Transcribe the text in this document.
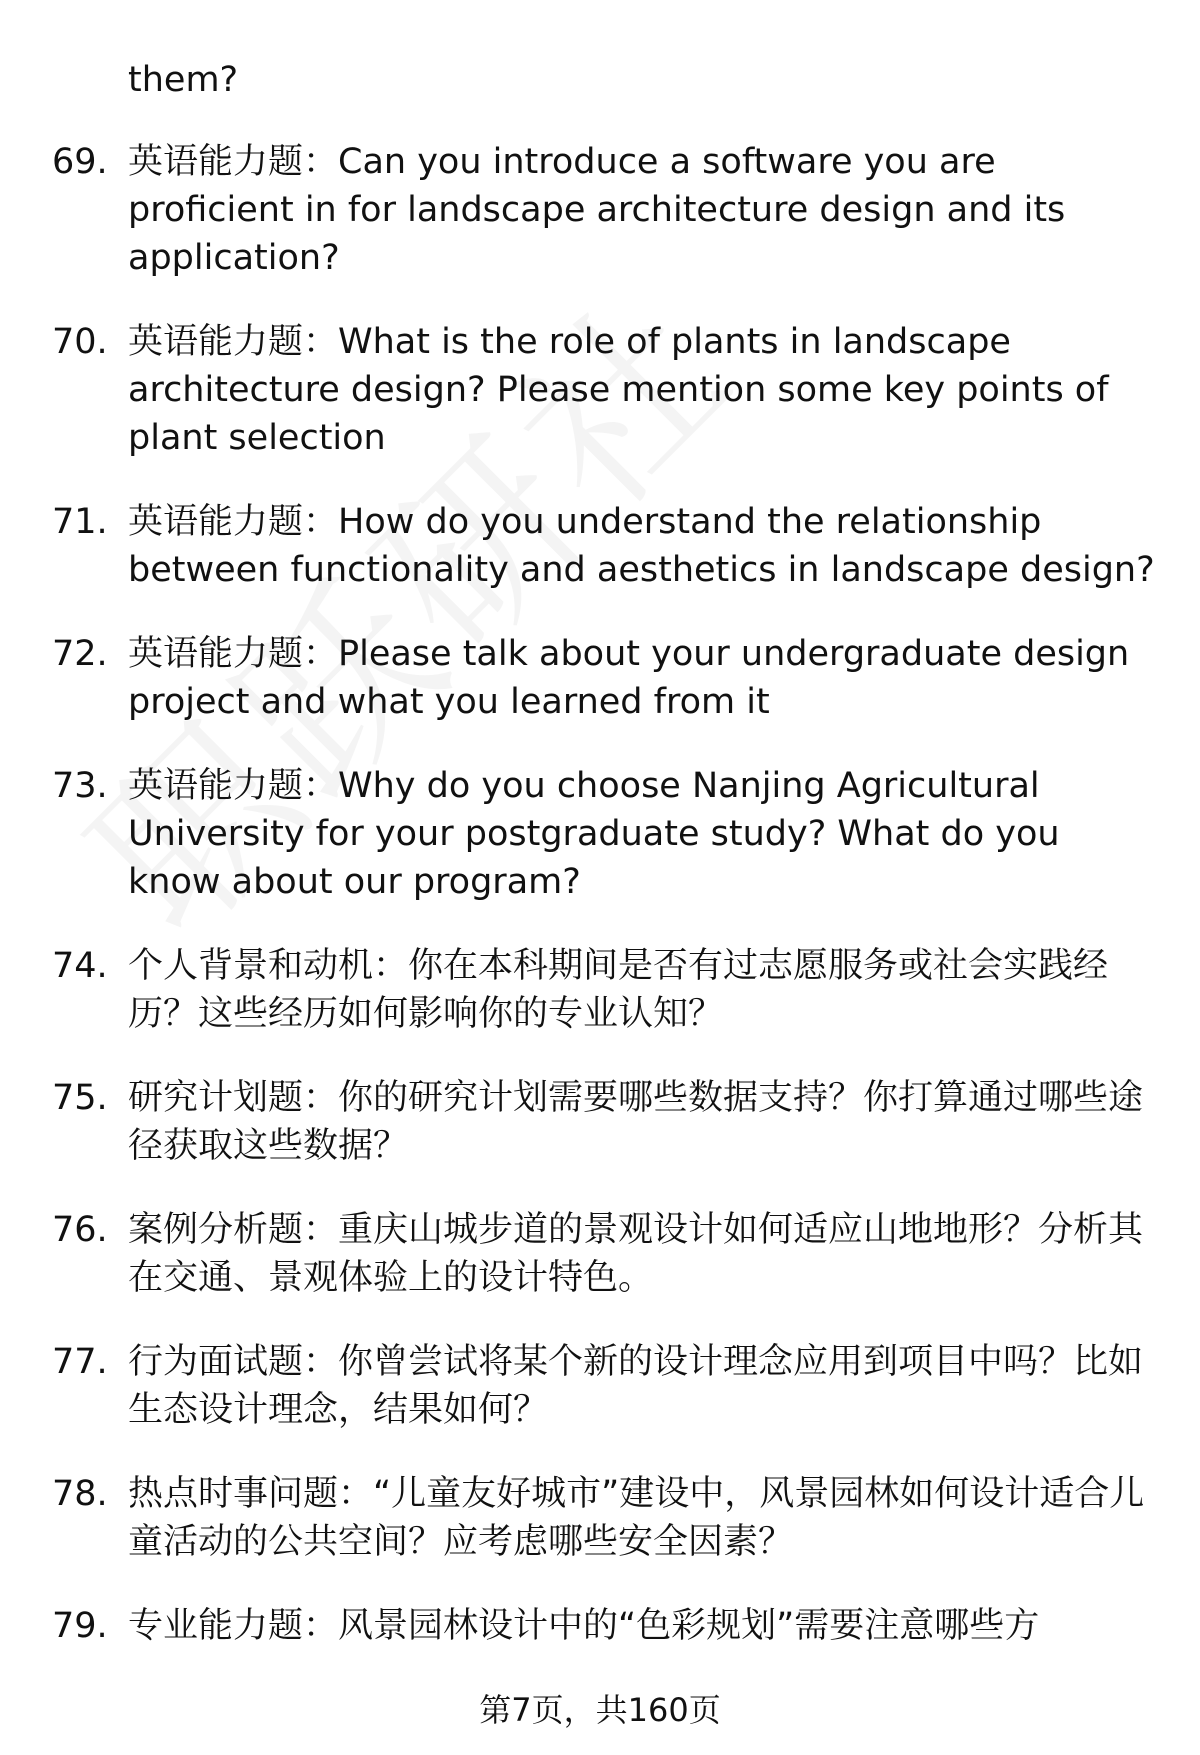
them?

69. 英语能力题：Can you introduce a software you are proficient in for landscape architecture design and its application?
70. 英语能力题：What is the role of plants in landscape architecture design? Please mention some key points of plant selection
71. 英语能力题：How do you understand the relationship between functionality and aesthetics in landscape design?
72. 英语能力题：Please talk about your undergraduate design project and what you learned from it
73. 英语能力题：Why do you choose Nanjing Agricultural University for your postgraduate study? What do you know about our program?
74. 个人背景和动机：你在本科期间是否有过志愿服务或社会实践经历？这些经历如何影响你的专业认知？
75. 研究计划题：你的研究计划需要哪些数据支持？你打算通过哪些途径获取这些数据？
76. 案例分析题：重庆山城步道的景观设计如何适应山地地形？分析其在交通、景观体验上的设计特色。
77. 行为面试题：你曾尝试将某个新的设计理念应用到项目中吗？比如生态设计理念，结果如何？
78. 热点时事问题：“儿童友好城市”建设中，风景园林如何设计适合儿童活动的公共空间？应考虑哪些安全因素？
79. 专业能力题：风景园林设计中的“色彩规划”需要注意哪些方
第7页，共160页
